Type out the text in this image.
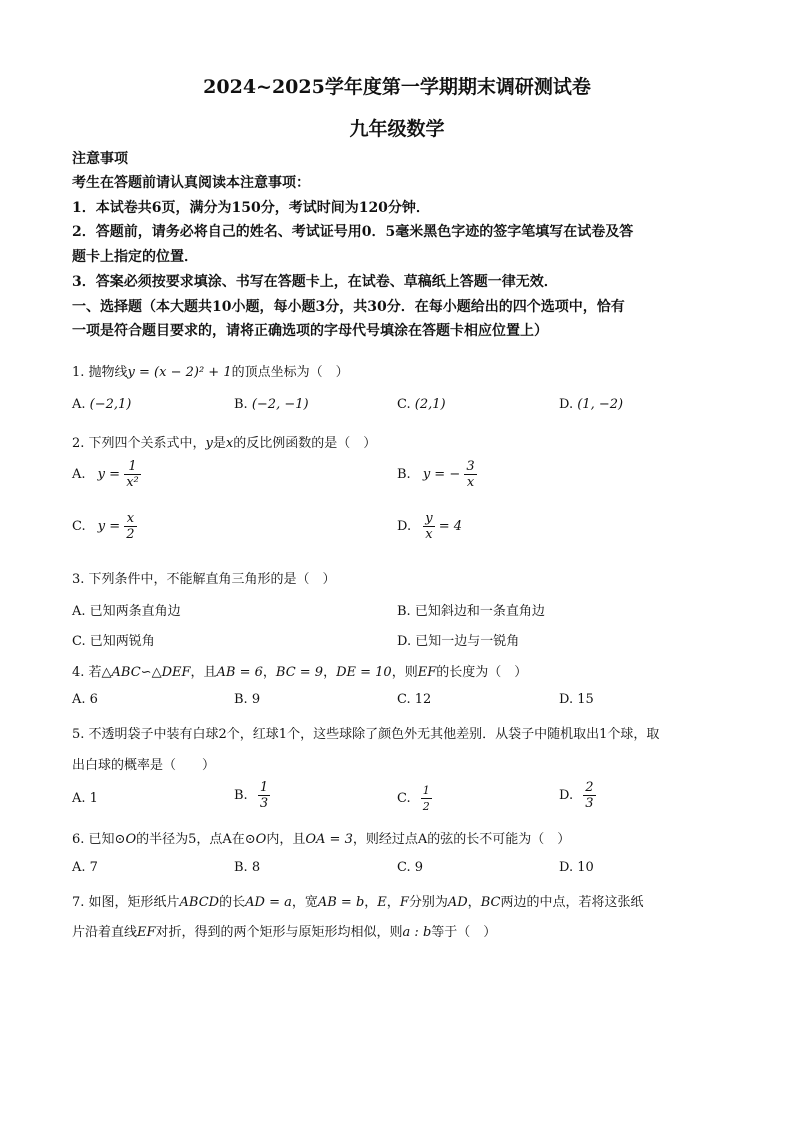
2024~2025学年度第一学期期末调研测试卷
九年级数学
注意事项
考生在答题前请认真阅读本注意事项：
1．本试卷共6页，满分为150分，考试时间为120分钟．
2．答题前，请务必将自己的姓名、考试证号用0．5毫米黑色字迹的签字笔填写在试卷及答
题卡上指定的位置．
3．答案必须按要求填涂、书写在答题卡上，在试卷、草稿纸上答题一律无效．
一、选择题（本大题共10小题，每小题3分，共30分．在每小题给出的四个选项中，恰有
一项是符合题目要求的，请将正确选项的字母代号填涂在答题卡相应位置上）
1. 抛物线y = (x − 2)² + 1的顶点坐标为（　）
A. (−2,1)	B. (−2, −1)	C. (2,1)	D. (1, −2)
2. 下列四个关系式中，y是x的反比例函数的是（　）
A. $y = \frac{1}{\text{x²}}$	B. y = − $\frac{3}{x}$
C. $y = \frac{x}{2}$	D. $\frac{y}{x} = 4$
3. 下列条件中，不能解直角三角形的是（　）
A. 已知两条直角边	B. 已知斜边和一条直角边
C. 已知两锐角	D. 已知一边与一锐角
4. 若△ABC∽△DEF，且AB = 6，BC = 9，DE = 10，则EF的长度为（　）
A. 6	B. 9	C. 12	D. 15
5. 不透明袋子中装有白球2个，红球1个，这些球除了颜色外无其他差别．从袋子中随机取出1个球，取
出白球的概率是（　　）
A. 1	B. $\frac{1}{3}$	C. $\frac{1}{2}$	D. $\frac{2}{3}$
6. 已知⊙O的半径为5，点A在⊙O内，且OA = 3，则经过点A的弦的长不可能为（　）
A. 7	B. 8	C. 9	D. 10
7. 如图，矩形纸片ABCD的长AD = a，宽AB = b，E，F分别为AD，BC两边的中点，若将这张纸
片沿着直线EF对折，得到的两个矩形与原矩形均相似，则a : b等于（　）
